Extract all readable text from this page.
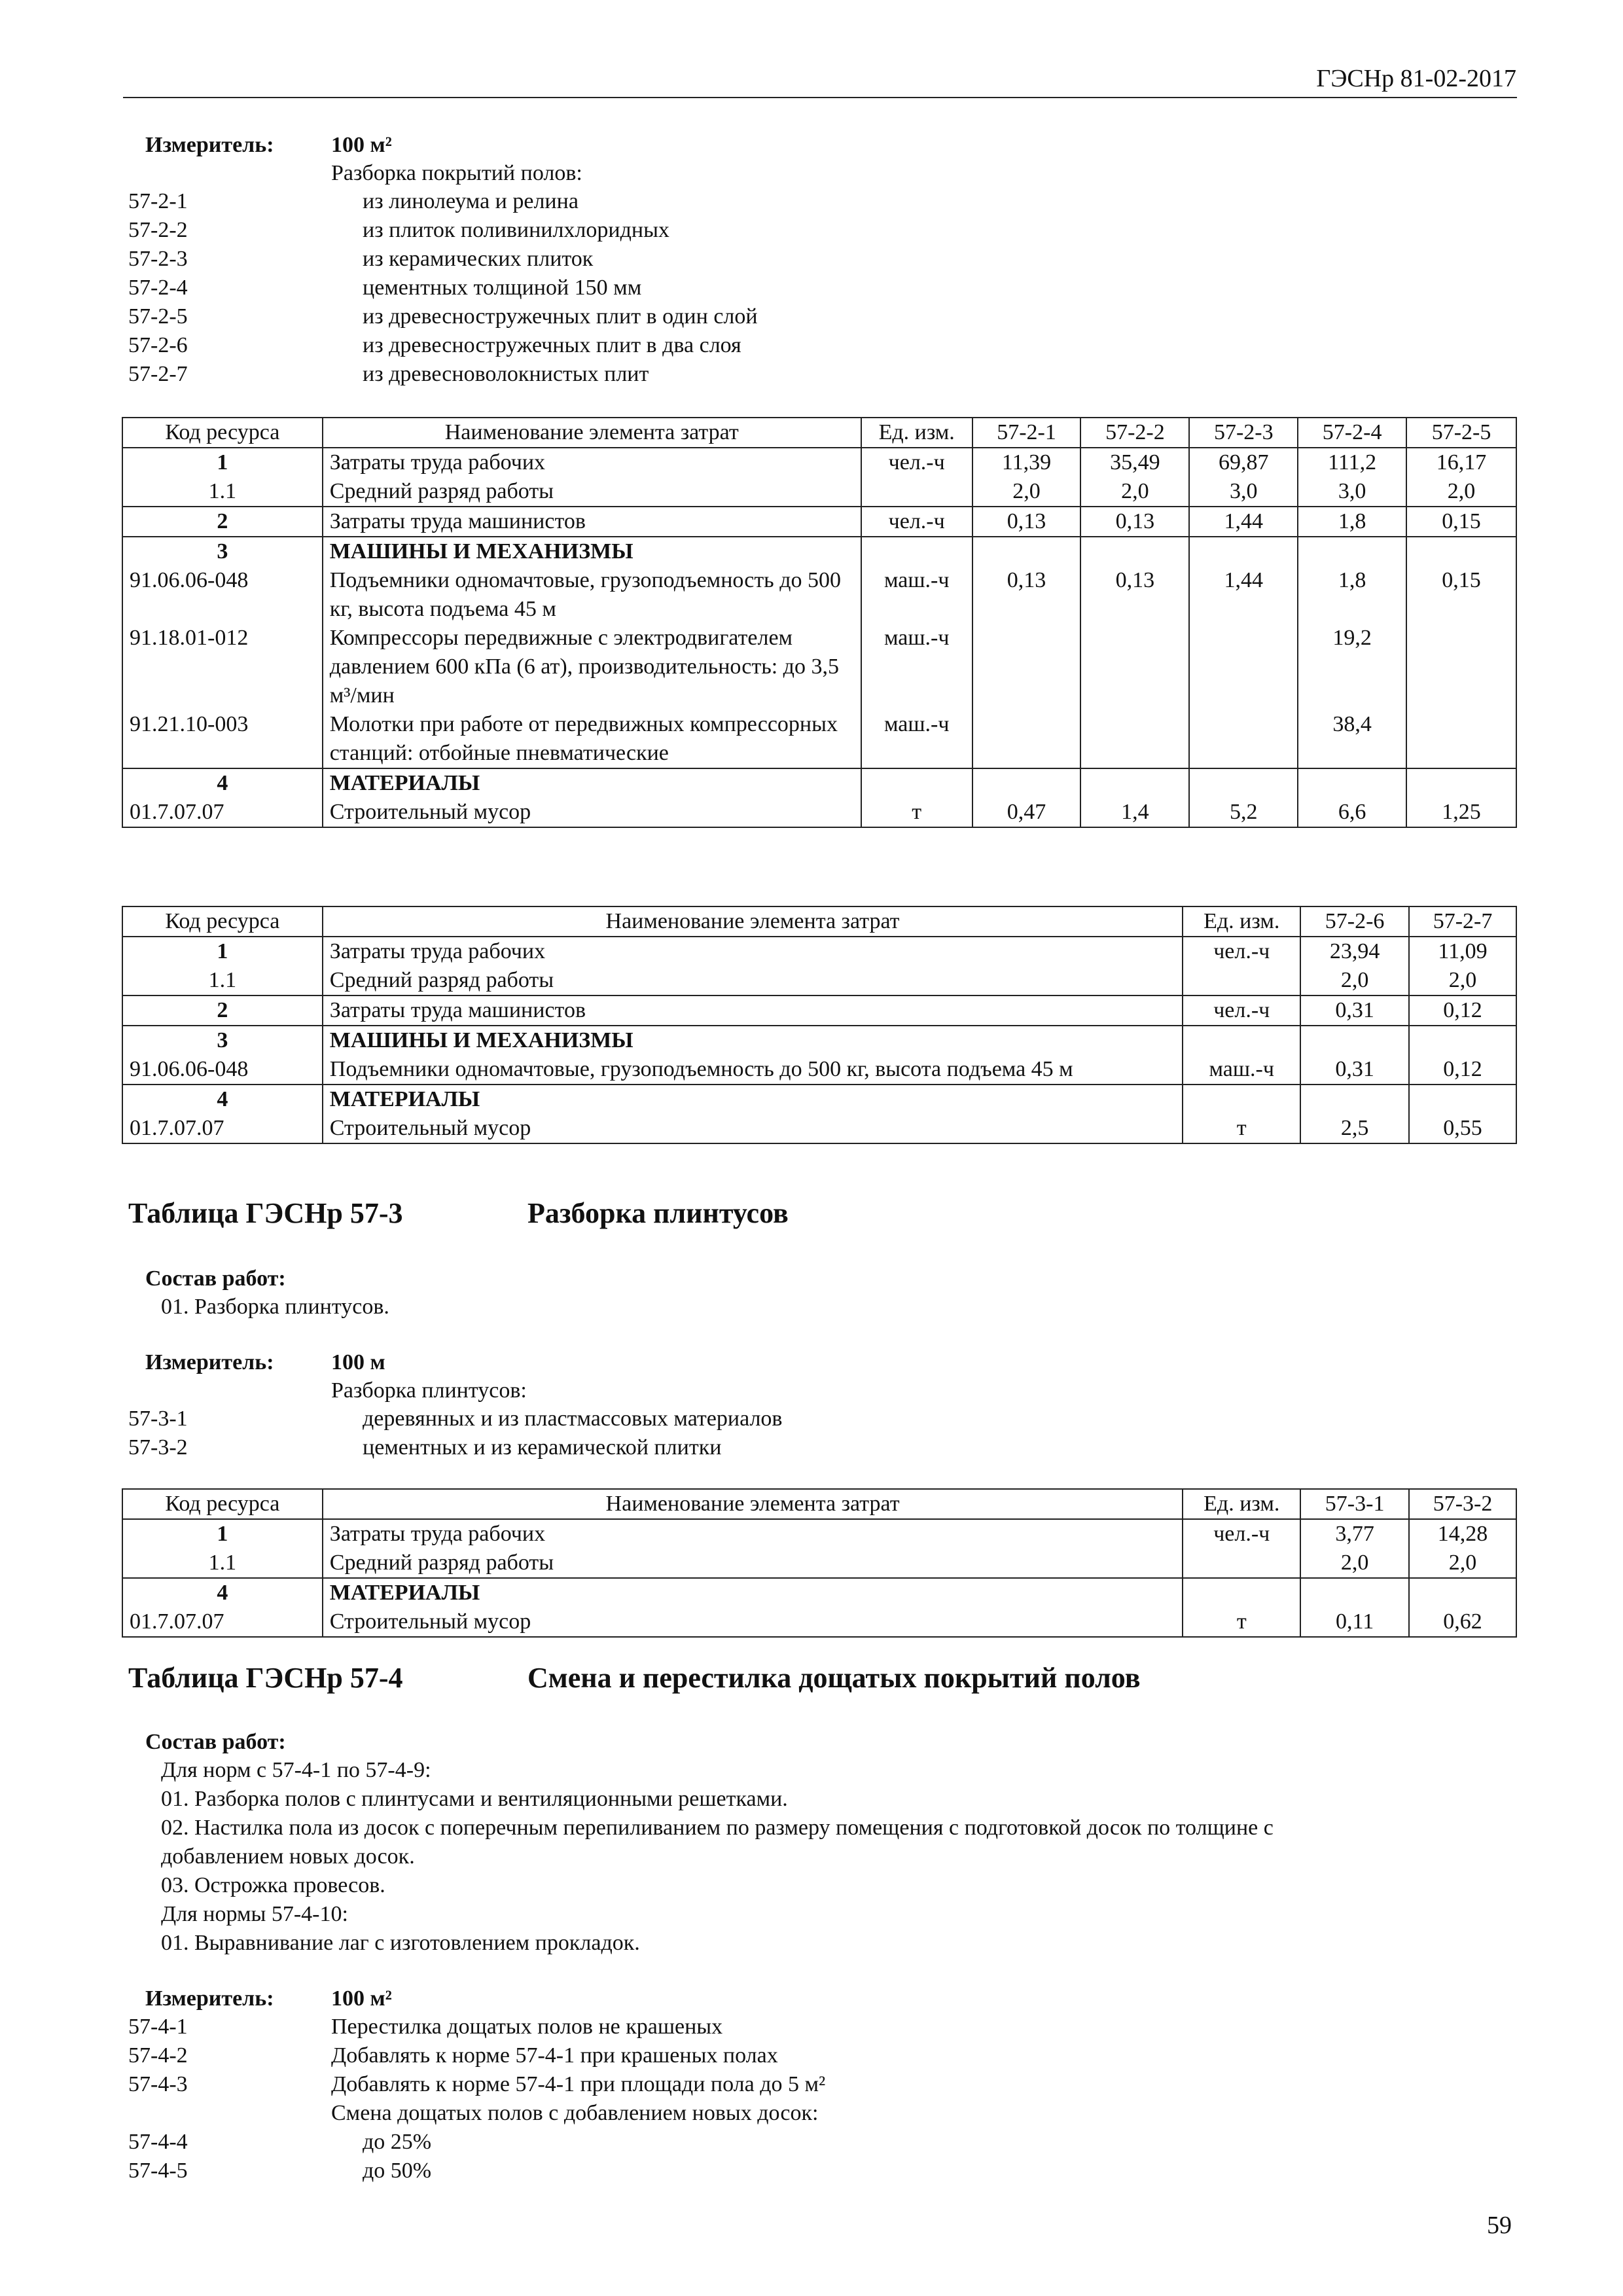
ГЭСНр 81-02-2017
Измеритель:	100 м²
Разборка покрытий полов:
57-2-1	из линолеума и релина
57-2-2	из плиток поливинилхлоридных
57-2-3	из керамических плиток
57-2-4	цементных толщиной 150 мм
57-2-5	из древесностружечных плит в один слой
57-2-6	из древесностружечных плит в два слоя
57-2-7	из древесноволокнистых плит
Код ресурса	Наименование элемента затрат	Ед. изм.	57-2-1	57-2-2	57-2-3	57-2-4	57-2-5
1	Затраты труда рабочих	чел.-ч	11,39	35,49	69,87	111,2	16,17
1.1	Средний разряд работы		2,0	2,0	3,0	3,0	2,0
2	Затраты труда машинистов	чел.-ч	0,13	0,13	1,44	1,8	0,15
3	МАШИНЫ И МЕХАНИЗМЫ						
91.06.06-048	Подъемники одномачтовые, грузоподъемность до 500 кг, высота подъема 45 м	маш.-ч	0,13	0,13	1,44	1,8	0,15
91.18.01-012	Компрессоры передвижные с электродвигателем давлением 600 кПа (6 ат), производительность: до 3,5 м³/мин	маш.-ч				19,2	
91.21.10-003	Молотки при работе от передвижных компрессорных станций: отбойные пневматические	маш.-ч				38,4	
4	МАТЕРИАЛЫ						
01.7.07.07	Строительный мусор	т	0,47	1,4	5,2	6,6	1,25
Код ресурса	Наименование элемента затрат	Ед. изм.	57-2-6	57-2-7
1	Затраты труда рабочих	чел.-ч	23,94	11,09
1.1	Средний разряд работы		2,0	2,0
2	Затраты труда машинистов	чел.-ч	0,31	0,12
3	МАШИНЫ И МЕХАНИЗМЫ			
91.06.06-048	Подъемники одномачтовые, грузоподъемность до 500 кг, высота подъема 45 м	маш.-ч	0,31	0,12
4	МАТЕРИАЛЫ			
01.7.07.07	Строительный мусор	т	2,5	0,55
Таблица ГЭСНр 57-3	Разборка плинтусов
Состав работ:
01. Разборка плинтусов.
Измеритель:	100 м
Разборка плинтусов:
57-3-1	деревянных и из пластмассовых материалов
57-3-2	цементных и из керамической плитки
Код ресурса	Наименование элемента затрат	Ед. изм.	57-3-1	57-3-2
1	Затраты труда рабочих	чел.-ч	3,77	14,28
1.1	Средний разряд работы		2,0	2,0
4	МАТЕРИАЛЫ			
01.7.07.07	Строительный мусор	т	0,11	0,62
Таблица ГЭСНр 57-4	Смена и перестилка дощатых покрытий полов
Состав работ:
Для норм с 57-4-1 по 57-4-9:
01. Разборка полов с плинтусами и вентиляционными решетками.
02. Настилка пола из досок с поперечным перепиливанием по размеру помещения с подготовкой досок по толщине с
добавлением новых досок.
03. Острожка провесов.
Для нормы 57-4-10:
01. Выравнивание лаг с изготовлением прокладок.
Измеритель:	100 м²
57-4-1	Перестилка дощатых полов не крашеных
57-4-2	Добавлять к норме 57-4-1 при крашеных полах
57-4-3	Добавлять к норме 57-4-1 при площади пола до 5 м²
Смена дощатых полов с добавлением новых досок:
57-4-4	до 25%
57-4-5	до 50%
59
